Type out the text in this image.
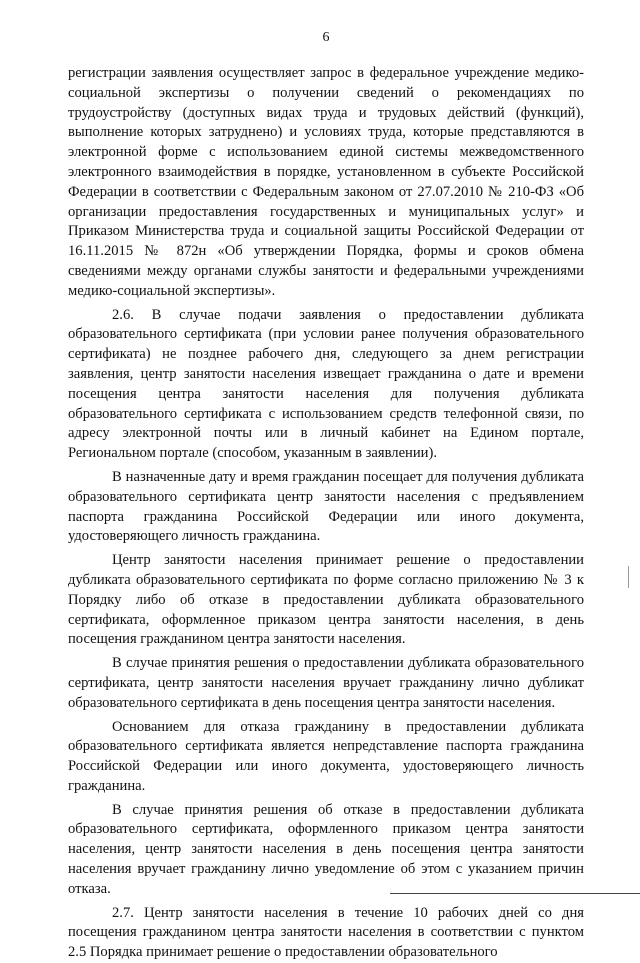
6

регистрации заявления осуществляет запрос в федеральное учреждение медико-социальной экспертизы о получении сведений о рекомендациях по трудоустройству (доступных видах труда и трудовых действий (функций), выполнение которых затруднено) и условиях труда, которые представляются в электронной форме с использованием единой системы межведомственного электронного взаимодействия в порядке, установленном в субъекте Российской Федерации в соответствии с Федеральным законом от 27.07.2010 № 210-ФЗ «Об организации предоставления государственных и муниципальных услуг» и Приказом Министерства труда и социальной защиты Российской Федерации от 16.11.2015 № 872н «Об утверждении Порядка, формы и сроков обмена сведениями между органами службы занятости и федеральными учреждениями медико-социальной экспертизы».

2.6. В случае подачи заявления о предоставлении дубликата образовательного сертификата (при условии ранее получения образовательного сертификата) не позднее рабочего дня, следующего за днем регистрации заявления, центр занятости населения извещает гражданина о дате и времени посещения центра занятости населения для получения дубликата образовательного сертификата с использованием средств телефонной связи, по адресу электронной почты или в личный кабинет на Едином портале, Региональном портале (способом, указанным в заявлении).

В назначенные дату и время гражданин посещает для получения дубликата образовательного сертификата центр занятости населения с предъявлением паспорта гражданина Российской Федерации или иного документа, удостоверяющего личность гражданина.

Центр занятости населения принимает решение о предоставлении дубликата образовательного сертификата по форме согласно приложению № 3 к Порядку либо об отказе в предоставлении дубликата образовательного сертификата, оформленное приказом центра занятости населения, в день посещения гражданином центра занятости населения.

В случае принятия решения о предоставлении дубликата образовательного сертификата, центр занятости населения вручает гражданину лично дубликат образовательного сертификата в день посещения центра занятости населения.

Основанием для отказа гражданину в предоставлении дубликата образовательного сертификата является непредставление паспорта гражданина Российской Федерации или иного документа, удостоверяющего личность гражданина.

В случае принятия решения об отказе в предоставлении дубликата образовательного сертификата, оформленного приказом центра занятости населения, центр занятости населения в день посещения центра занятости населения вручает гражданину лично уведомление об этом с указанием причин отказа.

2.7. Центр занятости населения в течение 10 рабочих дней со дня посещения гражданином центра занятости населения в соответствии с пунктом 2.5 Порядка принимает решение о предоставлении образовательного
